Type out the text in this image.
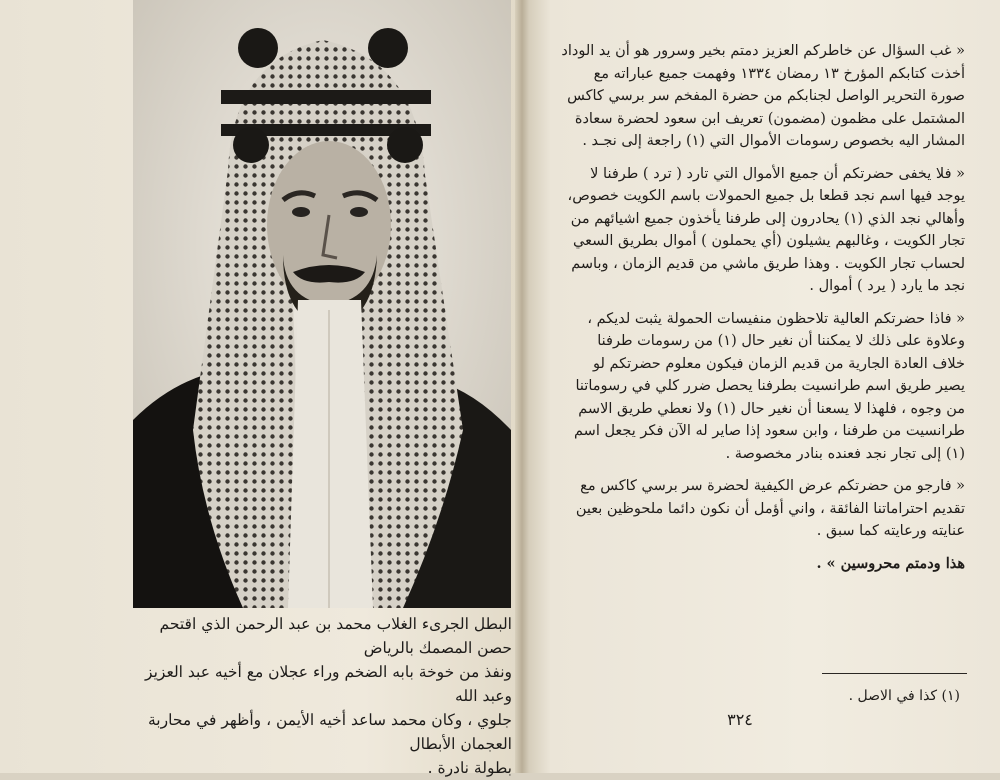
البطل الجرىء الغلاب محمد بن عبد الرحمن الذي اقتحم حصن المصمك بالرياض

ونفذ من خوخة بابه الضخم وراء عجلان مع أخيه عبد العزيز وعبد الله

جلوي ، وكان محمد ساعد أخيه الأيمن ، وأظهر في محاربة العجمان الأبطال

بطولة نادرة .

« غب السؤال عن خاطركم العزيز دمتم بخير وسرور هو أن يد الوداد أخذت كتابكم المؤرخ ١٣ رمضان ١٣٣٤ وفهمت جميع عباراته مع صورة التحرير الواصل لجنابكم من حضرة المفخم سر برسي كاكس المشتمل على مظمون (مضمون) تعريف ابن سعود لحضرة سعادة المشار اليه بخصوص رسومات الأموال التي (١) راجعة إلى نجـد .

« فلا يخفى حضرتكم أن جميع الأموال التي تارد ( ترد ) طرفنا لا يوجد فيها اسم نجد قطعا بل جميع الحمولات باسم الكويت خصوص، وأهالي نجد الذي (١) يحادرون إلى طرفنا يأخذون جميع اشيائهم من تجار الكويت ، وغالبهم يشيلون (أي يحملون ) أموال بطريق السعي لحساب تجار الكويت . وهذا طريق ماشي من قديم الزمان ، وباسم نجد ما يارد ( يرد ) أموال .

« فاذا حضرتكم العالية تلاحظون منفيسات الحمولة يثبت لديكم ، وعلاوة على ذلك لا يمكننا أن نغير حال (١) من رسومات طرفنا خلاف العادة الجارية من قديم الزمان فيكون معلوم حضرتكم لو يصير طريق اسم طرانسيت بطرفنا يحصل ضرر كلي في رسوماتنا من وجوه ، فلهذا لا يسعنا أن نغير حال (١) ولا نعطي طريق الاسم طرانسيت من طرفنا ، وابن سعود إذا صاير له الآن فكر يجعل اسم (١) إلى تجار نجد فعنده بنادر مخصوصة .

« فارجو من حضرتكم عرض الكيفية لحضرة سر برسي كاكس مع تقديم احتراماتنا الفائقة ، واني أؤمل أن نكون دائما ملحوظين بعين عنايته ورعايته كما سبق .

هذا ودمتم محروسين » .

(١) كذا في الاصل .
٣٢٤
